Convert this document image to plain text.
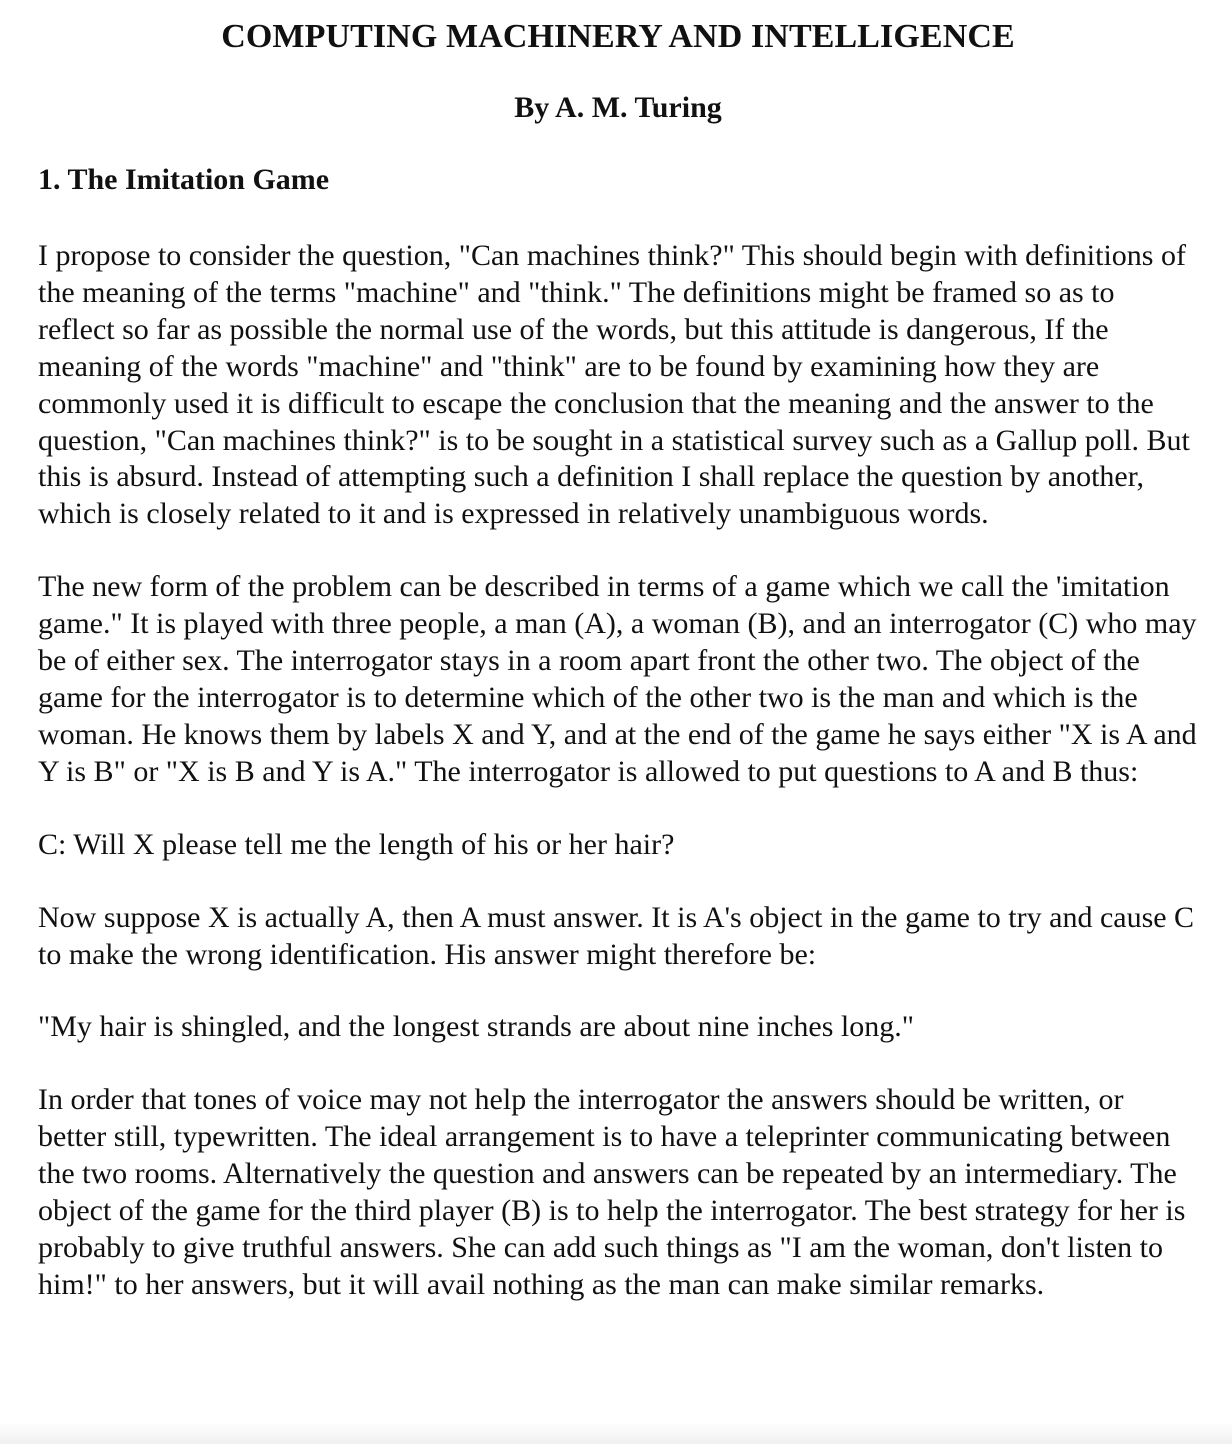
COMPUTING MACHINERY AND INTELLIGENCE
By A. M. Turing
1. The Imitation Game

I propose to consider the question, "Can machines think?" This should begin with definitions of the meaning of the terms "machine" and "think." The definitions might be framed so as to reflect so far as possible the normal use of the words, but this attitude is dangerous, If the meaning of the words "machine" and "think" are to be found by examining how they are commonly used it is difficult to escape the conclusion that the meaning and the answer to the question, "Can machines think?" is to be sought in a statistical survey such as a Gallup poll. But this is absurd. Instead of attempting such a definition I shall replace the question by another, which is closely related to it and is expressed in relatively unambiguous words.

The new form of the problem can be described in terms of a game which we call the 'imitation game." It is played with three people, a man (A), a woman (B), and an interrogator (C) who may be of either sex. The interrogator stays in a room apart front the other two. The object of the game for the interrogator is to determine which of the other two is the man and which is the woman. He knows them by labels X and Y, and at the end of the game he says either "X is A and Y is B" or "X is B and Y is A." The interrogator is allowed to put questions to A and B thus:

C: Will X please tell me the length of his or her hair?

Now suppose X is actually A, then A must answer. It is A's object in the game to try and cause C to make the wrong identification. His answer might therefore be:

"My hair is shingled, and the longest strands are about nine inches long."

In order that tones of voice may not help the interrogator the answers should be written, or better still, typewritten. The ideal arrangement is to have a teleprinter communicating between the two rooms. Alternatively the question and answers can be repeated by an intermediary. The object of the game for the third player (B) is to help the interrogator. The best strategy for her is probably to give truthful answers. She can add such things as "I am the woman, don't listen to him!" to her answers, but it will avail nothing as the man can make similar remarks.
